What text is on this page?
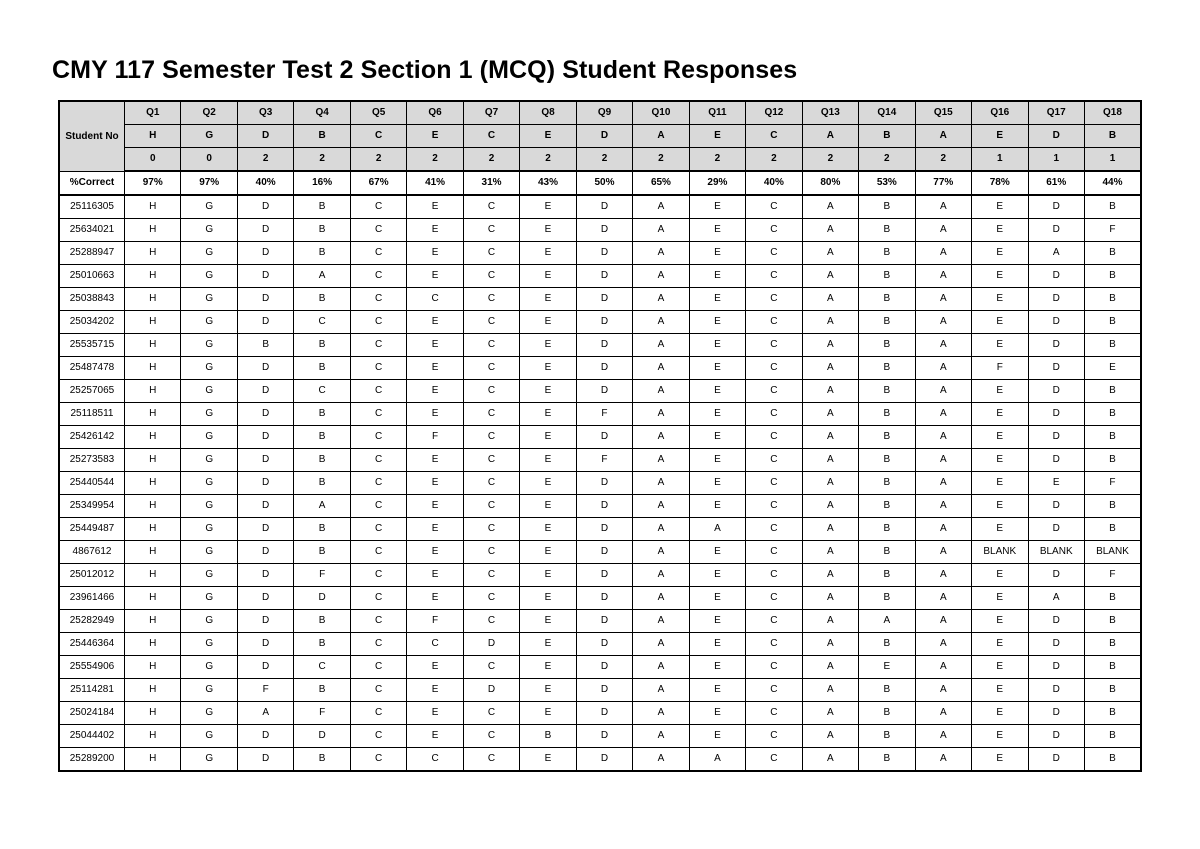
CMY 117 Semester Test 2 Section 1 (MCQ) Student Responses
Student No	Q1	Q2	Q3	Q4	Q5	Q6	Q7	Q8	Q9	Q10	Q11	Q12	Q13	Q14	Q15	Q16	Q17	Q18
	H	G	D	B	C	E	C	E	D	A	E	C	A	B	A	E	D	B
	0	0	2	2	2	2	2	2	2	2	2	2	2	2	2	1	1	1
%Correct	97%	97%	40%	16%	67%	41%	31%	43%	50%	65%	29%	40%	80%	53%	77%	78%	61%	44%
25116305	H	G	D	B	C	E	C	E	D	A	E	C	A	B	A	E	D	B
25634021	H	G	D	B	C	E	C	E	D	A	E	C	A	B	A	E	D	F
25288947	H	G	D	B	C	E	C	E	D	A	E	C	A	B	A	E	A	B
25010663	H	G	D	A	C	E	C	E	D	A	E	C	A	B	A	E	D	B
25038843	H	G	D	B	C	C	C	E	D	A	E	C	A	B	A	E	D	B
25034202	H	G	D	C	C	E	C	E	D	A	E	C	A	B	A	E	D	B
25535715	H	G	B	B	C	E	C	E	D	A	E	C	A	B	A	E	D	B
25487478	H	G	D	B	C	E	C	E	D	A	E	C	A	B	A	F	D	E
25257065	H	G	D	C	C	E	C	E	D	A	E	C	A	B	A	E	D	B
25118511	H	G	D	B	C	E	C	E	F	A	E	C	A	B	A	E	D	B
25426142	H	G	D	B	C	F	C	E	D	A	E	C	A	B	A	E	D	B
25273583	H	G	D	B	C	E	C	E	F	A	E	C	A	B	A	E	D	B
25440544	H	G	D	B	C	E	C	E	D	A	E	C	A	B	A	E	E	F
25349954	H	G	D	A	C	E	C	E	D	A	E	C	A	B	A	E	D	B
25449487	H	G	D	B	C	E	C	E	D	A	A	C	A	B	A	E	D	B
4867612	H	G	D	B	C	E	C	E	D	A	E	C	A	B	A	BLANK	BLANK	BLANK
25012012	H	G	D	F	C	E	C	E	D	A	E	C	A	B	A	E	D	F
23961466	H	G	D	D	C	E	C	E	D	A	E	C	A	B	A	E	A	B
25282949	H	G	D	B	C	F	C	E	D	A	E	C	A	A	A	E	D	B
25446364	H	G	D	B	C	C	D	E	D	A	E	C	A	B	A	E	D	B
25554906	H	G	D	C	C	E	C	E	D	A	E	C	A	E	A	E	D	B
25114281	H	G	F	B	C	E	D	E	D	A	E	C	A	B	A	E	D	B
25024184	H	G	A	F	C	E	C	E	D	A	E	C	A	B	A	E	D	B
25044402	H	G	D	D	C	E	C	B	D	A	E	C	A	B	A	E	D	B
25289200	H	G	D	B	C	C	C	E	D	A	A	C	A	B	A	E	D	B
